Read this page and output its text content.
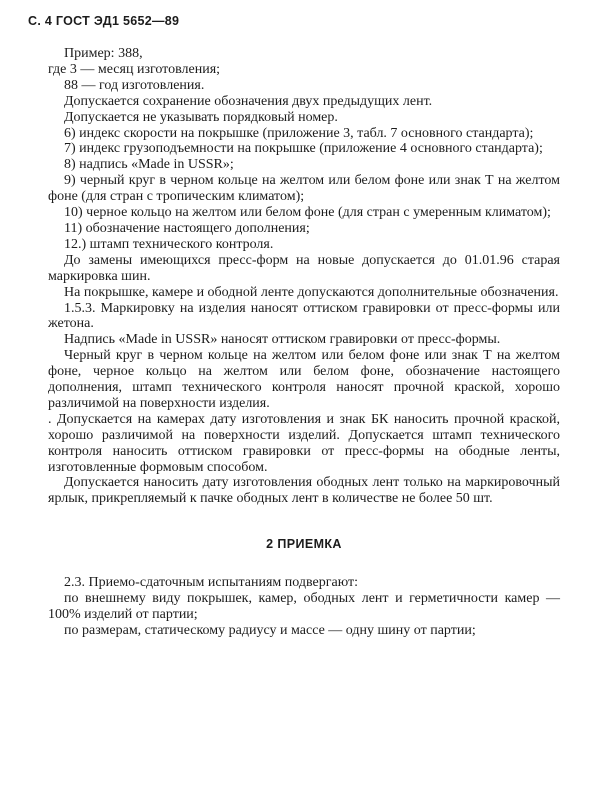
С. 4 ГОСТ ЭД1 5652—89
Пример: 388,
где 3 — месяц изготовления;
88 — год изготовления.
Допускается сохранение обозначения двух предыдущих лент.
Допускается не указывать порядковый номер.
6) индекс скорости на покрышке (приложение 3, табл. 7 основного стандарта);
7) индекс грузоподъемности на покрышке (приложение 4 основного стандарта);
8) надпись «Made in USSR»;
9) черный круг в черном кольце на желтом или белом фоне или знак Т на желтом фоне (для стран с тропическим климатом);
10) черное кольцо на желтом или белом фоне (для стран с умеренным климатом);
11) обозначение настоящего дополнения;
12.) штамп технического контроля.
До замены имеющихся пресс-форм на новые допускается до 01.01.96 старая маркировка шин.
На покрышке, камере и ободной ленте допускаются дополнительные обозначения.
1.5.3. Маркировку на изделия наносят оттиском гравировки от пресс-формы или жетона.
Надпись «Made in USSR» наносят оттиском гравировки от пресс-формы.
Черный круг в черном кольце на желтом или белом фоне или знак Т на желтом фоне, черное кольцо на желтом или белом фоне, обозначение настоящего дополнения, штамп технического контроля наносят прочной краской, хорошо различимой на поверхности изделия.
. Допускается на камерах дату изготовления и знак БК наносить прочной краской, хорошо различимой на поверхности изделий. Допускается штамп технического контроля наносить оттиском гравировки от пресс-формы на ободные ленты, изготовленные формовым способом.
Допускается наносить дату изготовления ободных лент только на маркировочный ярлык, прикрепляемый к пачке ободных лент в количестве не более 50 шт.
2 ПРИЕМКА
2.3. Приемо-сдаточным испытаниям подвергают:
по внешнему виду покрышек, камер, ободных лент и герметичности камер — 100% изделий от партии;
по размерам, статическому радиусу и массе — одну шину от партии;
